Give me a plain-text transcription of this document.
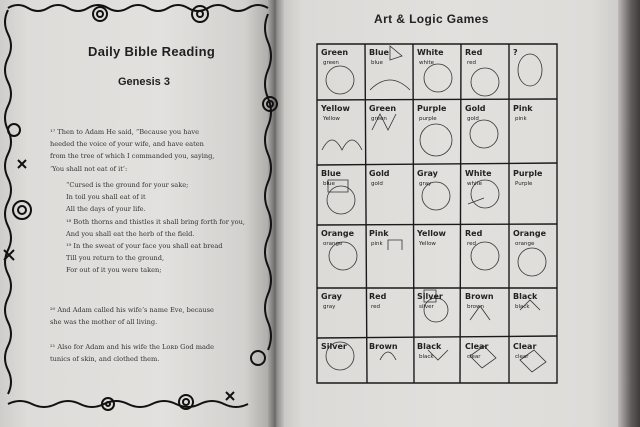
Daily Bible Reading
Genesis 3
¹⁷ Then to Adam He said, “Because you have
heeded the voice of your wife, and have eaten
from the tree of which I commanded you, saying,
‘You shall not eat of it’:
“Cursed is the ground for your sake;
In toil you shall eat of it
All the days of your life.
¹⁸ Both thorns and thistles it shall bring forth for you,
And you shall eat the herb of the field.
¹⁹ In the sweat of your face you shall eat bread
Till you return to the ground,
For out of it you were taken;
²⁰ And Adam called his wife’s name Eve, because
she was the mother of all living.

²¹ Also for Adam and his wife the Lᴏʀᴅ God made
tunics of skin, and clothed them.
Art & Logic Games
Green
green
Blue
blue
White
white
Red
red
?
Yellow
Yellow
Green
green
Purple
purple
Gold
gold
Pink
pink
Blue
blue
Gold
gold
Gray
gray
White
white
Purple
Purple
Orange
orange
Pink
pink
Yellow
Yellow
Red
red
Orange
orange
Gray
gray
Red
red
Silver
silver
Brown
brown
Black
black
Silver	Brown Black
black
Clear
clear
Clear
clear
